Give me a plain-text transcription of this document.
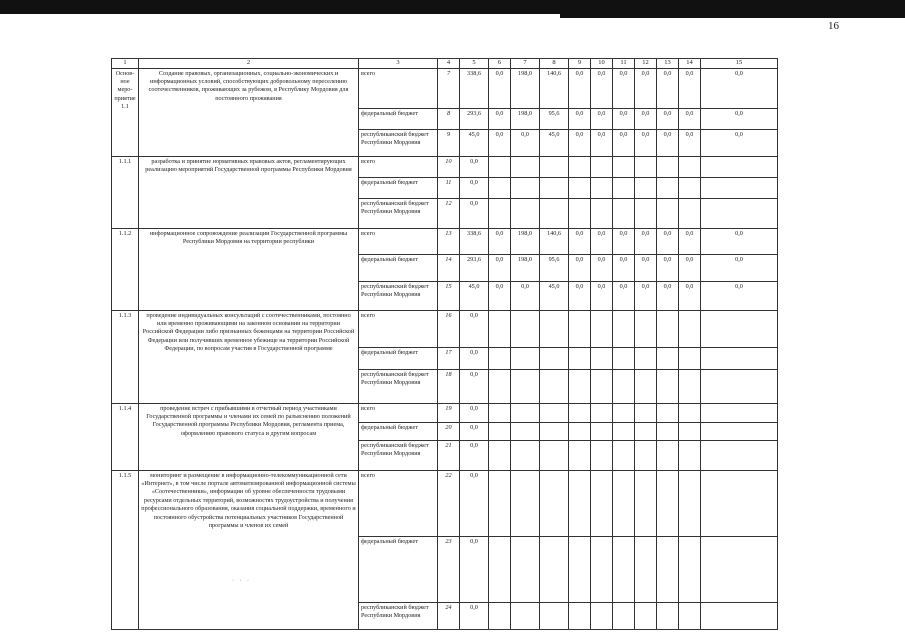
16
1	2	3	4	5	6	7	8	9	10	11	12	13	14	15
Основ-ное меро-приятие 1.1	Создание правовых, организационных, социально-экономических и информационных условий, способствующих добровольному переселению соотечественников, проживающих за рубежом, в Республику Мордовия для постоянного проживания	всего	7	338,6	0,0	198,0	140,6	0,0	0,0	0,0	0,0	0,0	0,0	0,0
		федеральный бюджет	8	293,6	0,0	198,0	95,6	0,0	0,0	0,0	0,0	0,0	0,0	0,0
		республиканский бюджет Республики Мордовия	9	45,0	0,0	0,0	45,0	0,0	0,0	0,0	0,0	0,0	0,0	0,0
1.1.1	разработка и принятие нормативных правовых актов, регламентирующих реализацию мероприятий Государственной программы Республики Мордовия	всего	10	0,0										
		федеральный бюджет	11	0,0										
		республиканский бюджет Республики Мордовия	12	0,0										
1.1.2	информационное сопровождение реализации Государственной программы Республики Мордовия на территории республики	всего	13	338,6	0,0	198,0	140,6	0,0	0,0	0,0	0,0	0,0	0,0	0,0
		федеральный бюджет	14	293,6	0,0	198,0	95,6	0,0	0,0	0,0	0,0	0,0	0,0	0,0
		республиканский бюджет Республики Мордовия	15	45,0	0,0	0,0	45,0	0,0	0,0	0,0	0,0	0,0	0,0	0,0
1.1.3	проведение индивидуальных консультаций с соотечественниками, постоянно или временно проживающими на законном основании на территории Российской Федерации либо признанных беженцами на территории Российской Федерации или получивших временное убежище на территории Российской Федерации, по вопросам участия в Государственной программе	всего	16	0,0										
		федеральный бюджет	17	0,0										
		республиканский бюджет Республики Мордовия	18	0,0										
1.1.4	проведение встреч с прибывшими в отчетный период участниками Государственной программы и членами их семей по разъяснению положений Государственной программы Республики Мордовия, регламента приема, оформлению правового статуса и другим вопросам	всего	19	0,0										
		федеральный бюджет	20	0,0										
		республиканский бюджет Республики Мордовия	21	0,0										
1.1.5	мониторинг и размещение в информационно-телекоммуникационной сети «Интернет», в том числе портале автоматизированной информационной системы «Соотечественники», информации об уровне обеспеченности трудовыми ресурсами отдельных территорий, возможностях трудоустройства и получения профессионального образования, оказания социальной поддержки, временного и постоянного обустройства потенциальных участников Государственной программы и членов их семей	всего	22	0,0										
		федеральный бюджет	23	0,0										
		республиканский бюджет Республики Мордовия	24	0,0										
· · ·
